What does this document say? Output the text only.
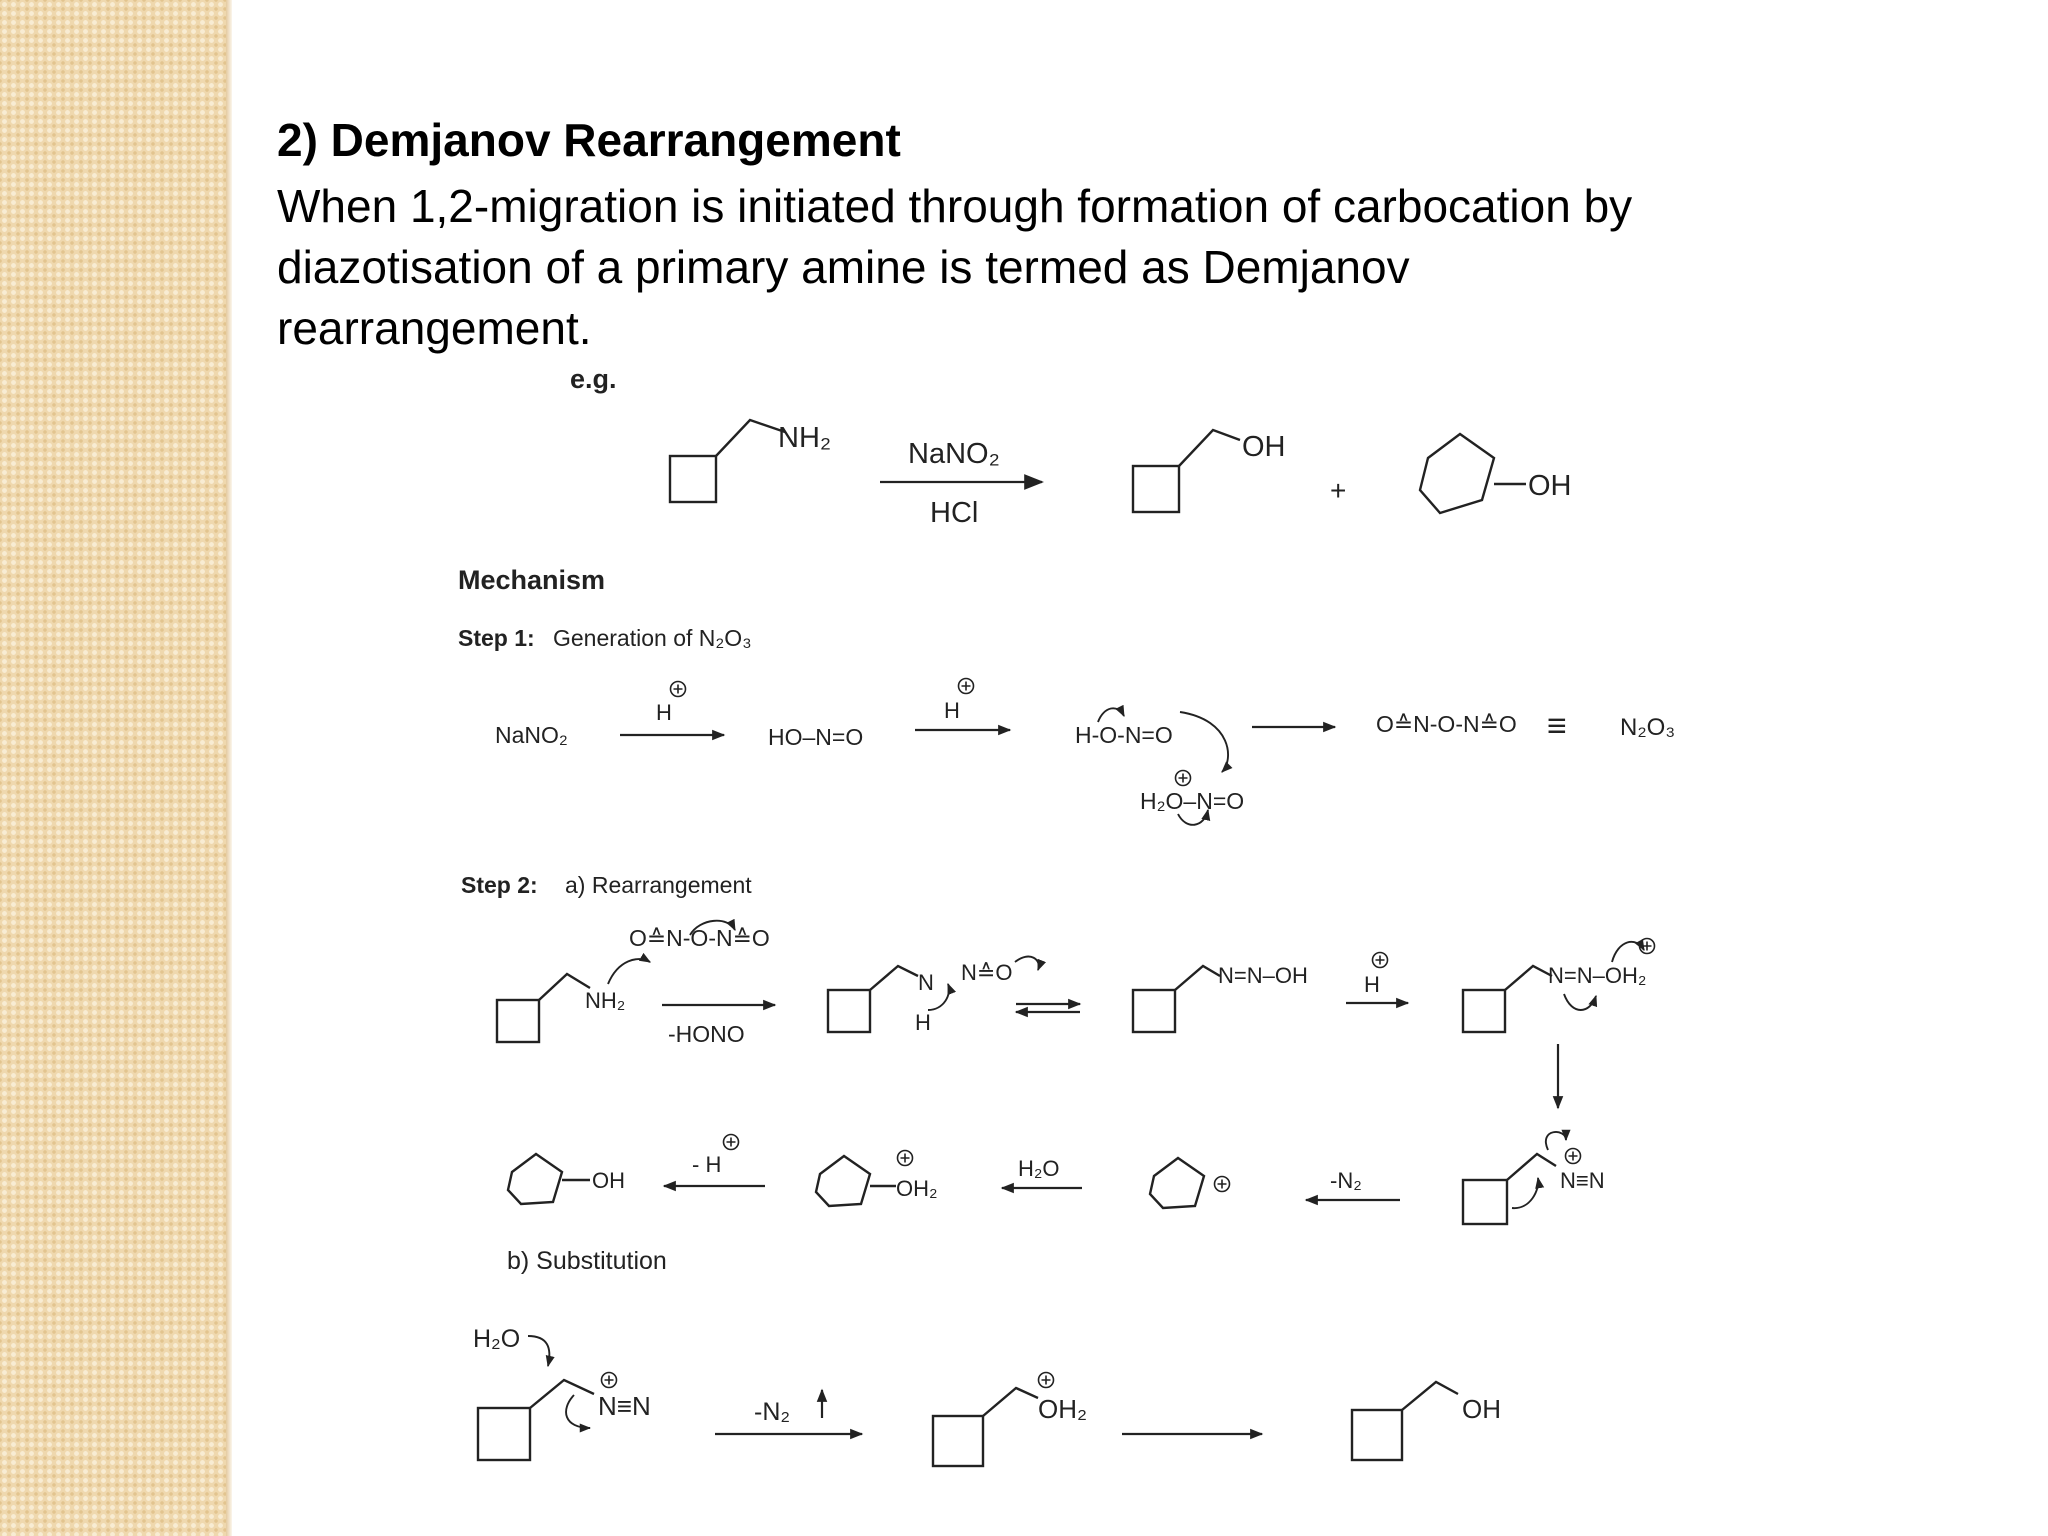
2) Demjanov Rearrangement
When 1,2-migration is initiated through formation of carbocation by
diazotisation of a primary amine is termed as Demjanov
rearrangement.
e.g.
NH₂	NaNO₂
HCl
OH
+	OH
Mechanism
Step 1: Generation of N₂O₃
NaNO₂
H
HO–N=O
H
H-O-N=O
H₂O–N=O
O≙N-O-N≙O ≡ N₂O₃
Step 2: a) Rearrangement
NH₂
O≙N-O-N≙O
-HONO
N
H
N≙O	N=N–OH	H	N=N–OH₂
N≡N
-N₂
H₂O
OH₂
- H
OH
b) Substitution
H₂O
N≡N	-N₂	OH₂	OH
